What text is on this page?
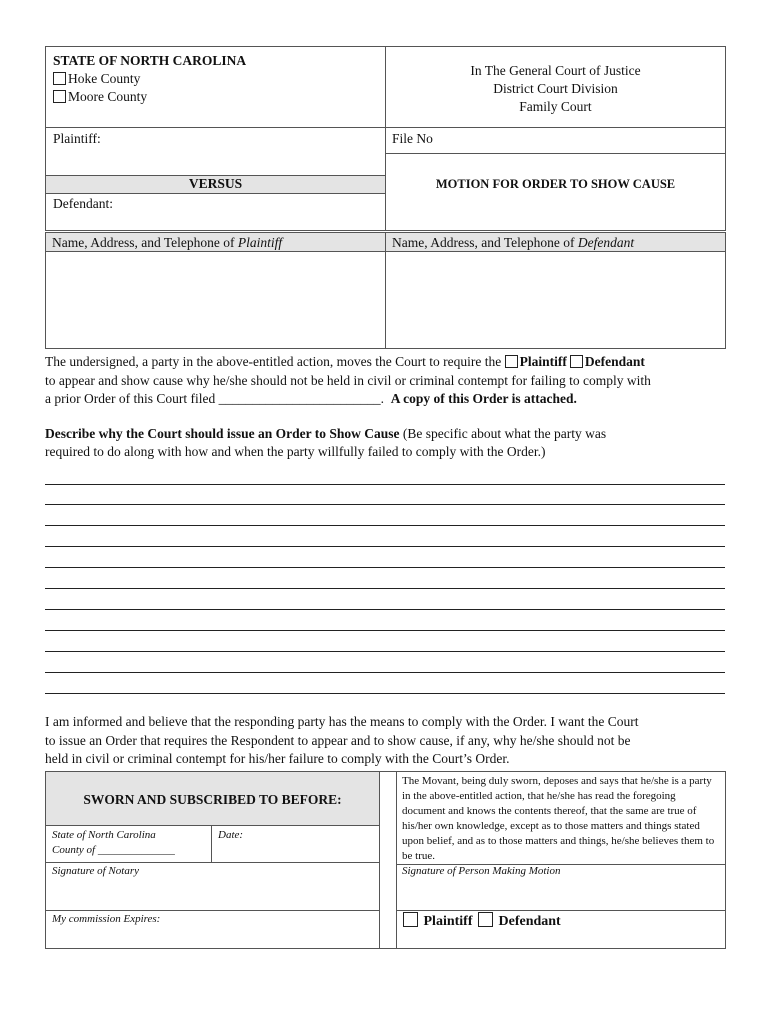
STATE OF NORTH CAROLINA
Hoke County
Moore County
In The General Court of Justice
District Court Division
Family Court
Plaintiff:	File No
VERSUS
Defendant:
MOTION FOR ORDER TO SHOW CAUSE
Name, Address, and Telephone of Plaintiff	Name, Address, and Telephone of Defendant
The undersigned, a party in the above-entitled action, moves the Court to require the Plaintiff Defendant
to appear and show cause why he/she should not be held in civil or criminal contempt for failing to comply with
a prior Order of this Court filed ________________________. A copy of this Order is attached.
Describe why the Court should issue an Order to Show Cause (Be specific about what the party was
required to do along with how and when the party willfully failed to comply with the Order.)
I am informed and believe that the responding party has the means to comply with the Order. I want the Court
to issue an Order that requires the Respondent to appear and to show cause, if any, why he/she should not be
held in civil or criminal contempt for his/her failure to comply with the Court’s Order.
SWORN AND SUBSCRIBED TO BEFORE:
State of North Carolina
County of ______________
Date:
Signature of Notary
My commission Expires:
The Movant, being duly sworn, deposes and says that he/she is a party in the above-entitled action, that he/she has read the foregoing document and knows the contents thereof, that the same are true of his/her own knowledge, except as to those matters and things stated upon belief, and as to those matters and things, he/she believes them to be true.
Signature of Person Making Motion
Plaintiff Defendant
